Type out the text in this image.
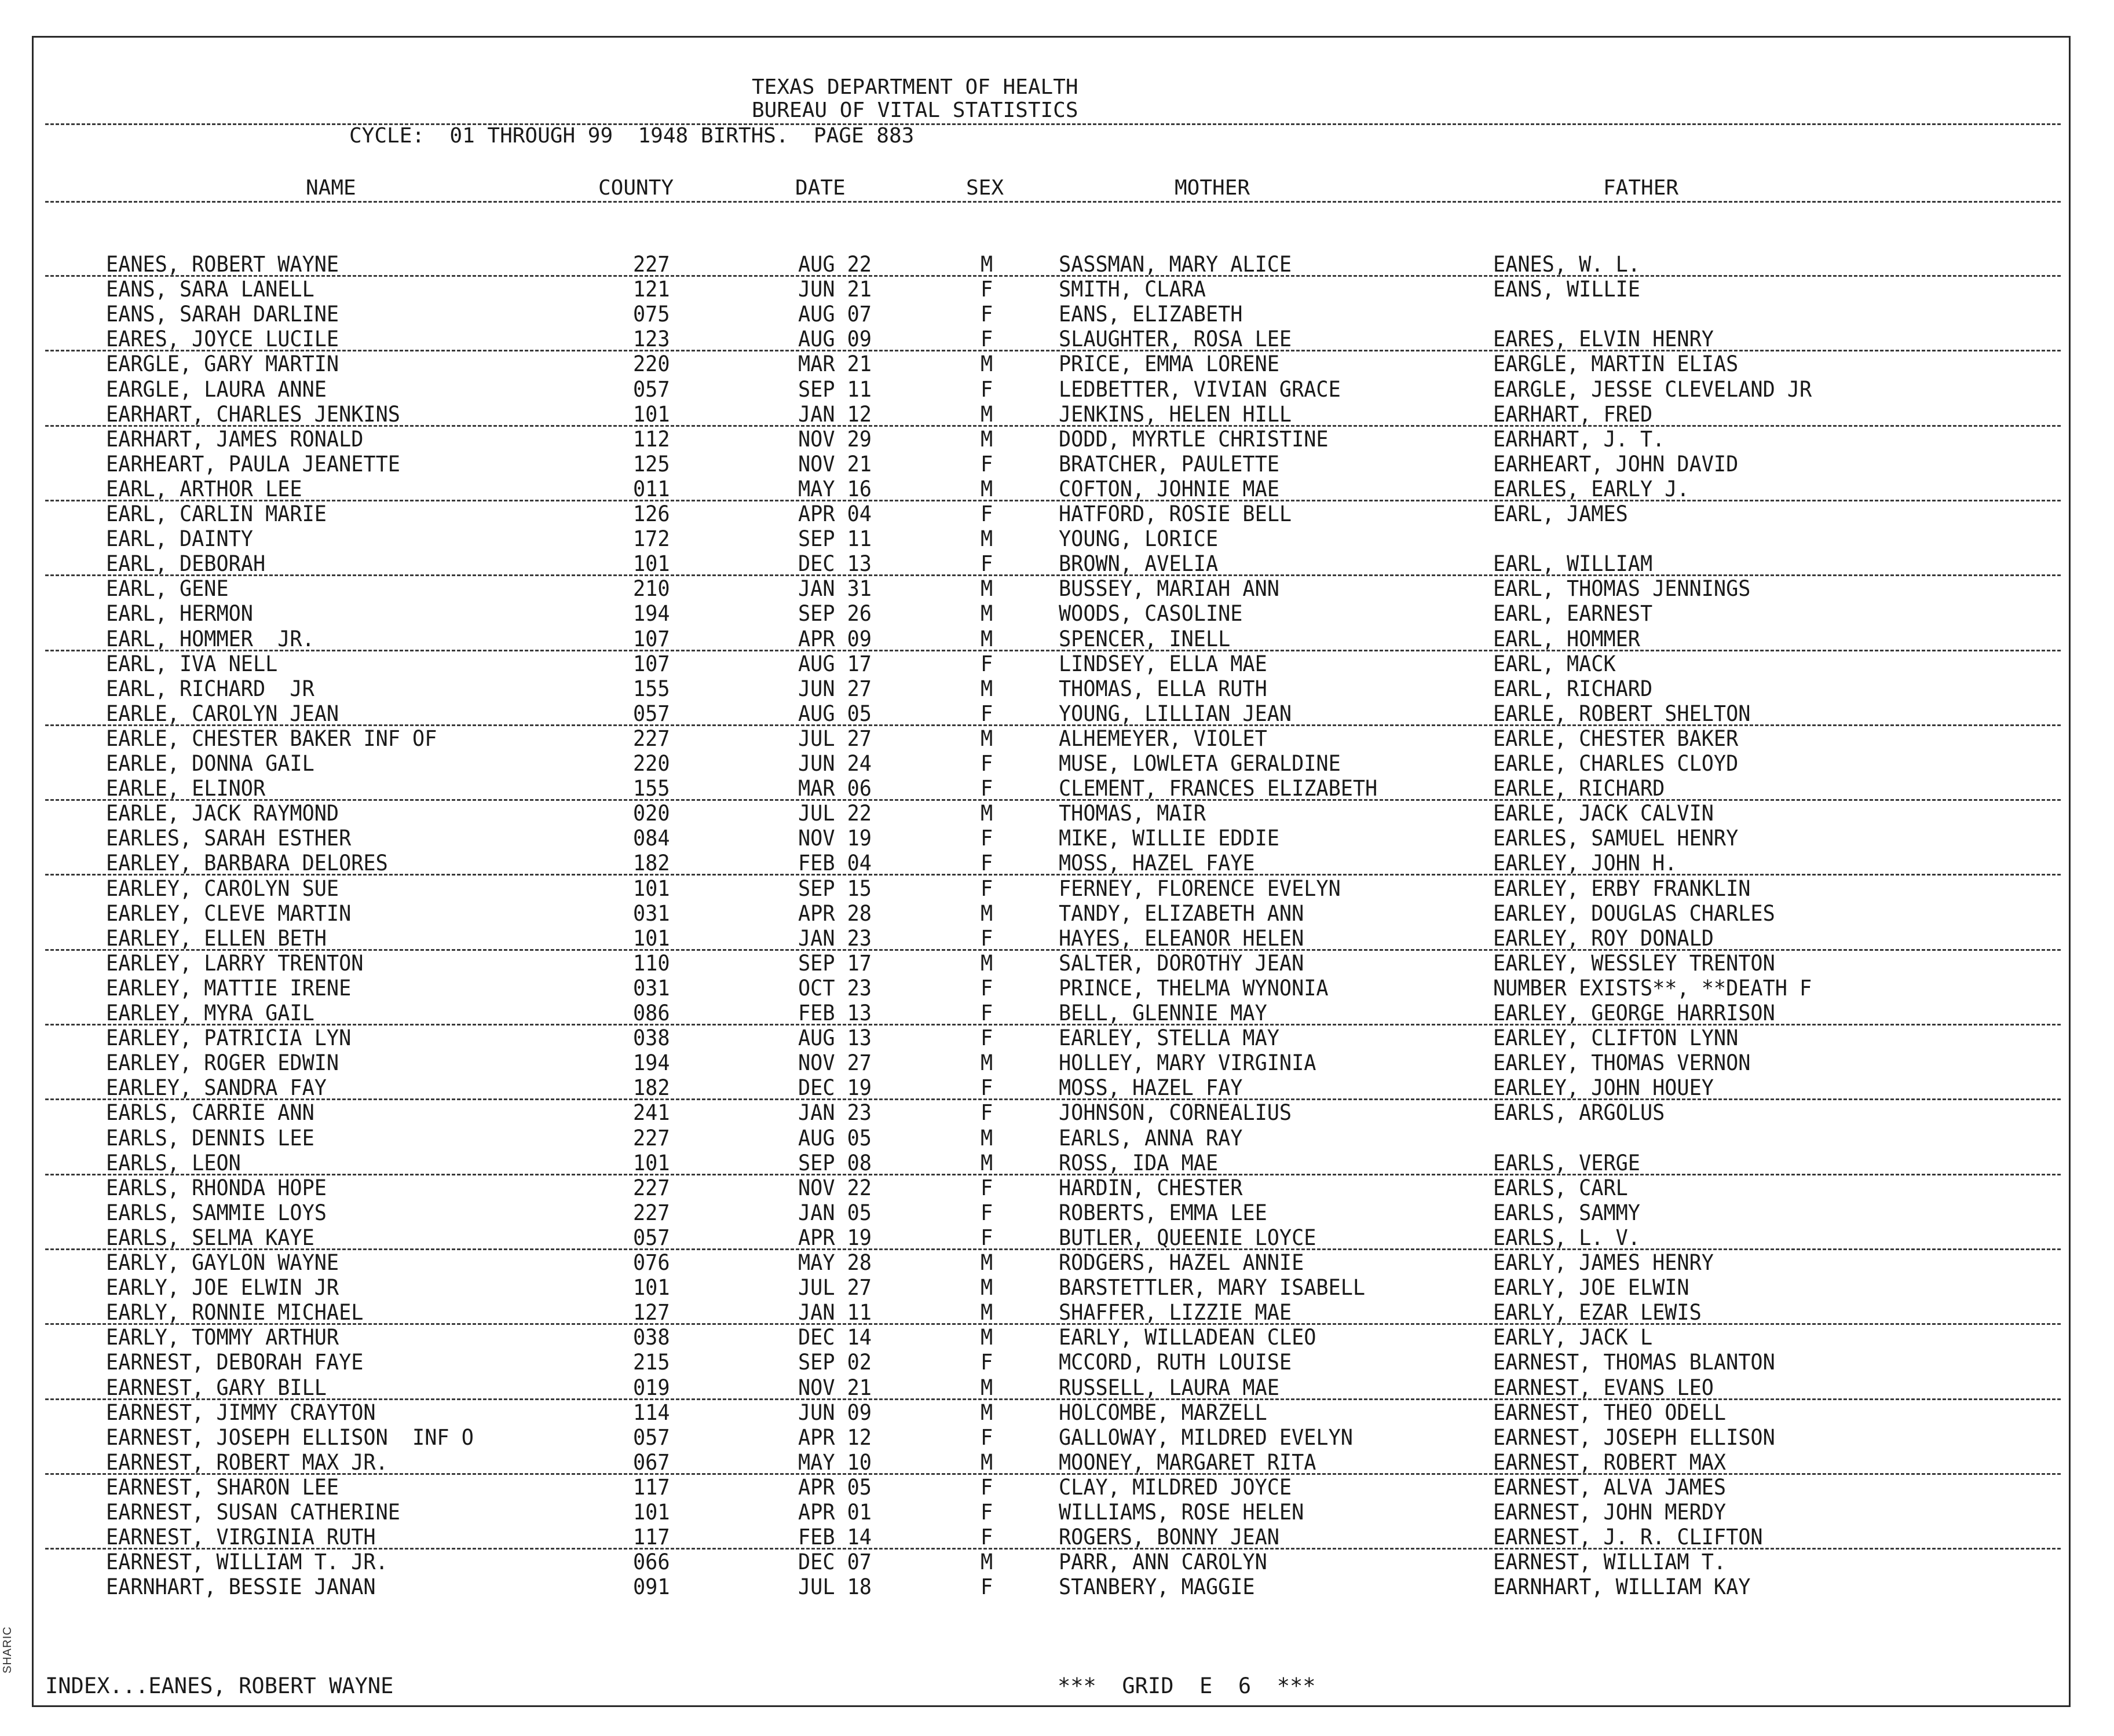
SHARIC
TEXAS DEPARTMENT OF HEALTH
BUREAU OF VITAL STATISTICS
CYCLE:  01 THROUGH 99  1948 BIRTHS.  PAGE 883
NAME	COUNTY	DATE	SEX	MOTHER	FATHER
EANES, ROBERT WAYNE	227	AUG 22	M	SASSMAN, MARY ALICE	EANES, W. L.
EANS, SARA LANELL	121	JUN 21	F	SMITH, CLARA	EANS, WILLIE
EANS, SARAH DARLINE	075	AUG 07	F	EANS, ELIZABETH
EARES, JOYCE LUCILE	123	AUG 09	F	SLAUGHTER, ROSA LEE	EARES, ELVIN HENRY
EARGLE, GARY MARTIN	220	MAR 21	M	PRICE, EMMA LORENE	EARGLE, MARTIN ELIAS
EARGLE, LAURA ANNE	057	SEP 11	F	LEDBETTER, VIVIAN GRACE	EARGLE, JESSE CLEVELAND JR
EARHART, CHARLES JENKINS	101	JAN 12	M	JENKINS, HELEN HILL	EARHART, FRED
EARHART, JAMES RONALD	112	NOV 29	M	DODD, MYRTLE CHRISTINE	EARHART, J. T.
EARHEART, PAULA JEANETTE	125	NOV 21	F	BRATCHER, PAULETTE	EARHEART, JOHN DAVID
EARL, ARTHOR LEE	011	MAY 16	M	COFTON, JOHNIE MAE	EARLES, EARLY J.
EARL, CARLIN MARIE	126	APR 04	F	HATFORD, ROSIE BELL	EARL, JAMES
EARL, DAINTY	172	SEP 11	M	YOUNG, LORICE
EARL, DEBORAH	101	DEC 13	F	BROWN, AVELIA	EARL, WILLIAM
EARL, GENE	210	JAN 31	M	BUSSEY, MARIAH ANN	EARL, THOMAS JENNINGS
EARL, HERMON	194	SEP 26	M	WOODS, CASOLINE	EARL, EARNEST
EARL, HOMMER  JR.	107	APR 09	M	SPENCER, INELL	EARL, HOMMER
EARL, IVA NELL	107	AUG 17	F	LINDSEY, ELLA MAE	EARL, MACK
EARL, RICHARD  JR	155	JUN 27	M	THOMAS, ELLA RUTH	EARL, RICHARD
EARLE, CAROLYN JEAN	057	AUG 05	F	YOUNG, LILLIAN JEAN	EARLE, ROBERT SHELTON
EARLE, CHESTER BAKER INF OF	227	JUL 27	M	ALHEMEYER, VIOLET	EARLE, CHESTER BAKER
EARLE, DONNA GAIL	220	JUN 24	F	MUSE, LOWLETA GERALDINE	EARLE, CHARLES CLOYD
EARLE, ELINOR	155	MAR 06	F	CLEMENT, FRANCES ELIZABETH	EARLE, RICHARD
EARLE, JACK RAYMOND	020	JUL 22	M	THOMAS, MAIR	EARLE, JACK CALVIN
EARLES, SARAH ESTHER	084	NOV 19	F	MIKE, WILLIE EDDIE	EARLES, SAMUEL HENRY
EARLEY, BARBARA DELORES	182	FEB 04	F	MOSS, HAZEL FAYE	EARLEY, JOHN H.
EARLEY, CAROLYN SUE	101	SEP 15	F	FERNEY, FLORENCE EVELYN	EARLEY, ERBY FRANKLIN
EARLEY, CLEVE MARTIN	031	APR 28	M	TANDY, ELIZABETH ANN	EARLEY, DOUGLAS CHARLES
EARLEY, ELLEN BETH	101	JAN 23	F	HAYES, ELEANOR HELEN	EARLEY, ROY DONALD
EARLEY, LARRY TRENTON	110	SEP 17	M	SALTER, DOROTHY JEAN	EARLEY, WESSLEY TRENTON
EARLEY, MATTIE IRENE	031	OCT 23	F	PRINCE, THELMA WYNONIA	NUMBER EXISTS**, **DEATH F
EARLEY, MYRA GAIL	086	FEB 13	F	BELL, GLENNIE MAY	EARLEY, GEORGE HARRISON
EARLEY, PATRICIA LYN	038	AUG 13	F	EARLEY, STELLA MAY	EARLEY, CLIFTON LYNN
EARLEY, ROGER EDWIN	194	NOV 27	M	HOLLEY, MARY VIRGINIA	EARLEY, THOMAS VERNON
EARLEY, SANDRA FAY	182	DEC 19	F	MOSS, HAZEL FAY	EARLEY, JOHN HOUEY
EARLS, CARRIE ANN	241	JAN 23	F	JOHNSON, CORNEALIUS	EARLS, ARGOLUS
EARLS, DENNIS LEE	227	AUG 05	M	EARLS, ANNA RAY
EARLS, LEON	101	SEP 08	M	ROSS, IDA MAE	EARLS, VERGE
EARLS, RHONDA HOPE	227	NOV 22	F	HARDIN, CHESTER	EARLS, CARL
EARLS, SAMMIE LOYS	227	JAN 05	F	ROBERTS, EMMA LEE	EARLS, SAMMY
EARLS, SELMA KAYE	057	APR 19	F	BUTLER, QUEENIE LOYCE	EARLS, L. V.
EARLY, GAYLON WAYNE	076	MAY 28	M	RODGERS, HAZEL ANNIE	EARLY, JAMES HENRY
EARLY, JOE ELWIN JR	101	JUL 27	M	BARSTETTLER, MARY ISABELL	EARLY, JOE ELWIN
EARLY, RONNIE MICHAEL	127	JAN 11	M	SHAFFER, LIZZIE MAE	EARLY, EZAR LEWIS
EARLY, TOMMY ARTHUR	038	DEC 14	M	EARLY, WILLADEAN CLEO	EARLY, JACK L
EARNEST, DEBORAH FAYE	215	SEP 02	F	MCCORD, RUTH LOUISE	EARNEST, THOMAS BLANTON
EARNEST, GARY BILL	019	NOV 21	M	RUSSELL, LAURA MAE	EARNEST, EVANS LEO
EARNEST, JIMMY CRAYTON	114	JUN 09	M	HOLCOMBE, MARZELL	EARNEST, THEO ODELL
EARNEST, JOSEPH ELLISON  INF O	057	APR 12	F	GALLOWAY, MILDRED EVELYN	EARNEST, JOSEPH ELLISON
EARNEST, ROBERT MAX JR.	067	MAY 10	M	MOONEY, MARGARET RITA	EARNEST, ROBERT MAX
EARNEST, SHARON LEE	117	APR 05	F	CLAY, MILDRED JOYCE	EARNEST, ALVA JAMES
EARNEST, SUSAN CATHERINE	101	APR 01	F	WILLIAMS, ROSE HELEN	EARNEST, JOHN MERDY
EARNEST, VIRGINIA RUTH	117	FEB 14	F	ROGERS, BONNY JEAN	EARNEST, J. R. CLIFTON
EARNEST, WILLIAM T. JR.	066	DEC 07	M	PARR, ANN CAROLYN	EARNEST, WILLIAM T.
EARNHART, BESSIE JANAN	091	JUL 18	F	STANBERY, MAGGIE	EARNHART, WILLIAM KAY
INDEX...EANES, ROBERT WAYNE	***  GRID  E  6  ***
